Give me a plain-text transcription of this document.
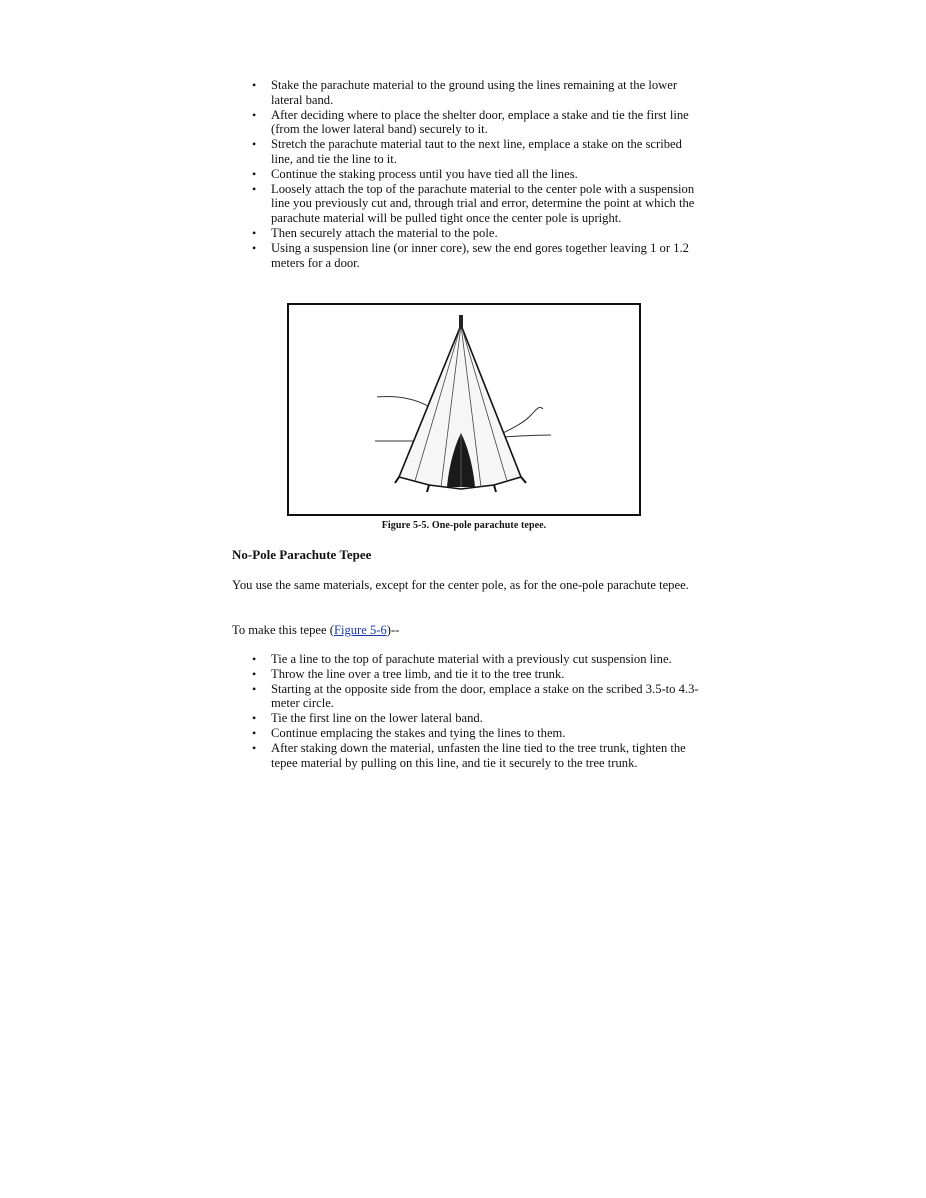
• Stake the parachute material to the ground using the lines remaining at the lower lateral band.
• After deciding where to place the shelter door, emplace a stake and tie the first line (from the lower lateral band) securely to it.
• Stretch the parachute material taut to the next line, emplace a stake on the scribed line, and tie the line to it.
• Continue the staking process until you have tied all the lines.
• Loosely attach the top of the parachute material to the center pole with a suspension line you previously cut and, through trial and error, determine the point at which the parachute material will be pulled tight once the center pole is upright.
• Then securely attach the material to the pole.
• Using a suspension line (or inner core), sew the end gores together leaving 1 or 1.2 meters for a door.
Figure 5-5. One-pole parachute tepee.
No-Pole Parachute Tepee

You use the same materials, except for the center pole, as for the one-pole parachute tepee.

To make this tepee (Figure 5-6)--

• Tie a line to the top of parachute material with a previously cut suspension line.
• Throw the line over a tree limb, and tie it to the tree trunk.
• Starting at the opposite side from the door, emplace a stake on the scribed 3.5-to 4.3-meter circle.
• Tie the first line on the lower lateral band.
• Continue emplacing the stakes and tying the lines to them.
• After staking down the material, unfasten the line tied to the tree trunk, tighten the tepee material by pulling on this line, and tie it securely to the tree trunk.
